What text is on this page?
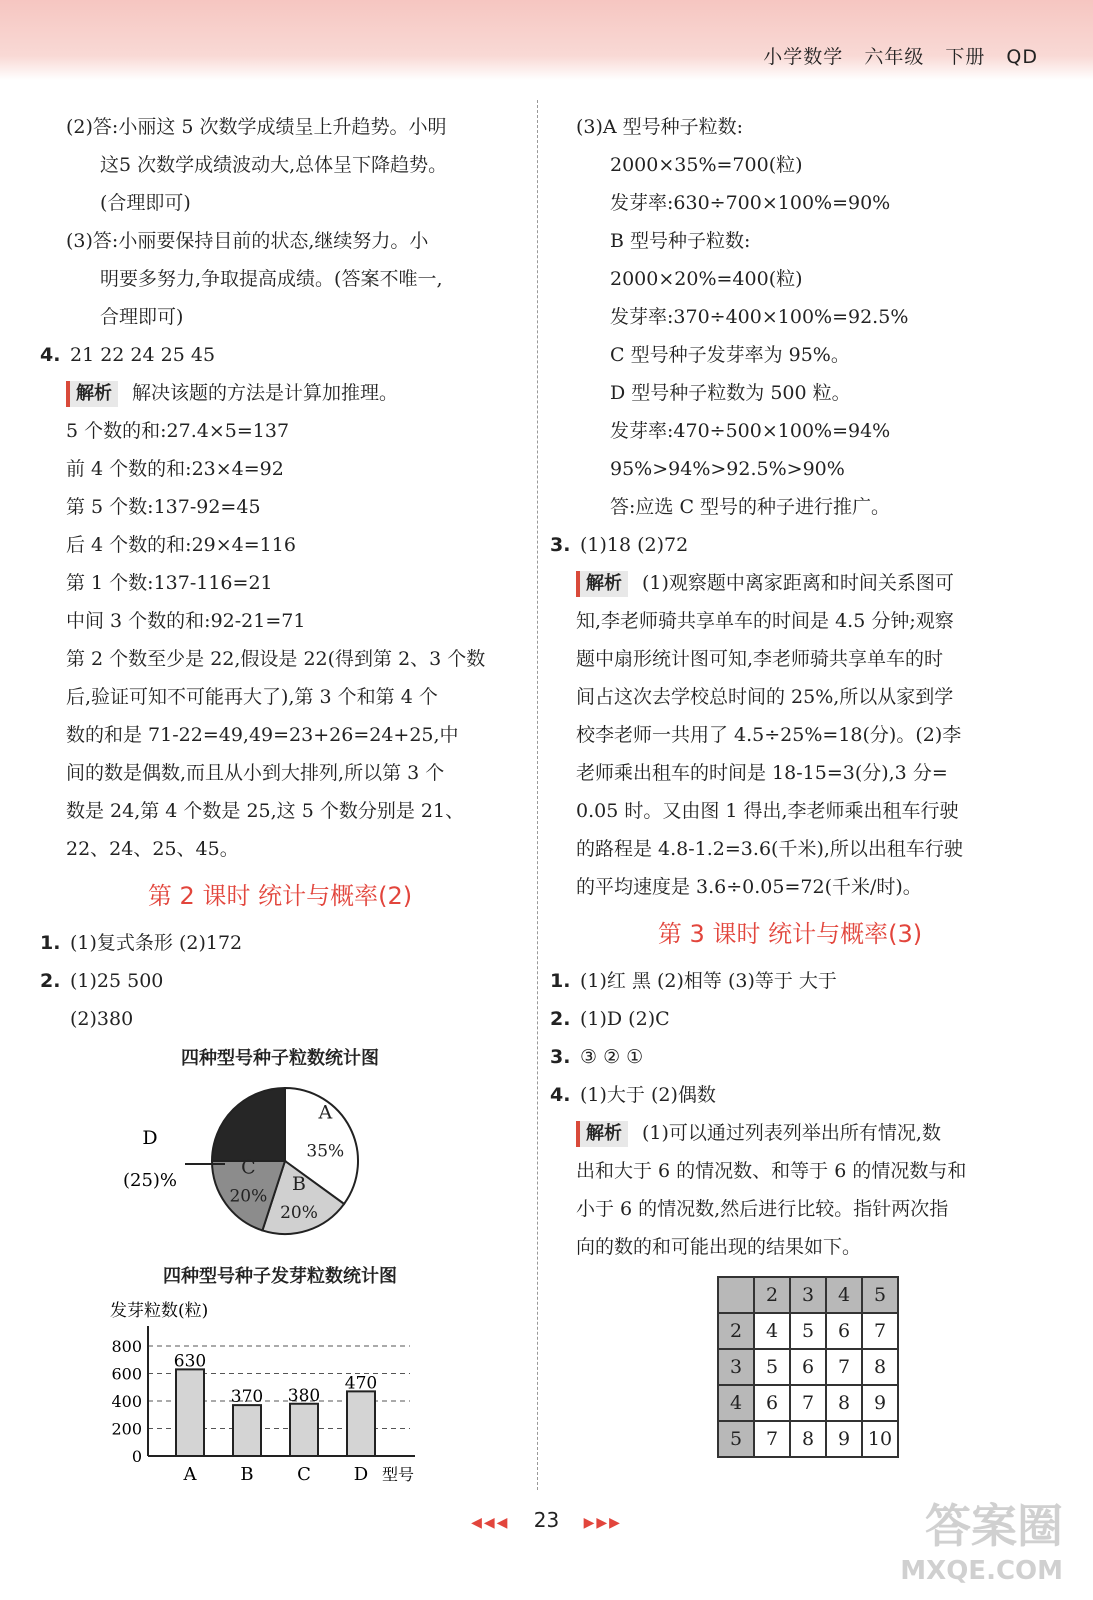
小学数学 六年级 下册 QD
(2)答:小丽这 5 次数学成绩呈上升趋势。小明
这5 次数学成绩波动大,总体呈下降趋势。
(合理即可)
(3)答:小丽要保持目前的状态,继续努力。小
明要多努力,争取提高成绩。(答案不唯一,
合理即可)
4. 21 22 24 25 45
解析 解决该题的方法是计算加推理。
5 个数的和:27.4×5=137
前 4 个数的和:23×4=92
第 5 个数:137-92=45
后 4 个数的和:29×4=116
第 1 个数:137-116=21
中间 3 个数的和:92-21=71
第 2 个数至少是 22,假设是 22(得到第 2、3 个数
后,验证可知不可能再大了),第 3 个和第 4 个
数的和是 71-22=49,49=23+26=24+25,中
间的数是偶数,而且从小到大排列,所以第 3 个
数是 24,第 4 个数是 25,这 5 个数分别是 21、
22、24、25、45。
第 2 课时 统计与概率(2)
1. (1)复式条形 (2)172
2. (1)25 500
(2)380
四种型号种子粒数统计图
A
35%
B
20%
C
20%
D
(25)%
四种型号种子发芽粒数统计图
发芽粒数(粒)
0
200
400
600
800
630
A
370
B
380
C
470
D 型号
(3)A 型号种子粒数:
2000×35%=700(粒)
发芽率:630÷700×100%=90%
B 型号种子粒数:
2000×20%=400(粒)
发芽率:370÷400×100%=92.5%
C 型号种子发芽率为 95%。
D 型号种子粒数为 500 粒。
发芽率:470÷500×100%=94%
95%>94%>92.5%>90%
答:应选 C 型号的种子进行推广。
3. (1)18 (2)72
解析 (1)观察题中离家距离和时间关系图可
知,李老师骑共享单车的时间是 4.5 分钟;观察
题中扇形统计图可知,李老师骑共享单车的时
间占这次去学校总时间的 25%,所以从家到学
校李老师一共用了 4.5÷25%=18(分)。(2)李
老师乘出租车的时间是 18-15=3(分),3 分=
0.05 时。又由图 1 得出,李老师乘出租车行驶
的路程是 4.8-1.2=3.6(千米),所以出租车行驶
的平均速度是 3.6÷0.05=72(千米/时)。
第 3 课时 统计与概率(3)
1. (1)红 黑 (2)相等 (3)等于 大于
2. (1)D (2)C
3. ③ ② ①
4. (1)大于 (2)偶数
解析 (1)可以通过列表列举出所有情况,数
出和大于 6 的情况数、和等于 6 的情况数与和
小于 6 的情况数,然后进行比较。指针两次指
向的数的和可能出现的结果如下。
	2	3	4	5
2	4	5	6	7
3	5	6	7	8
4	6	7	8	9
5	7	8	9	10
◀◀◀ 23 ▶▶▶	答案圈
MXQE.COM
